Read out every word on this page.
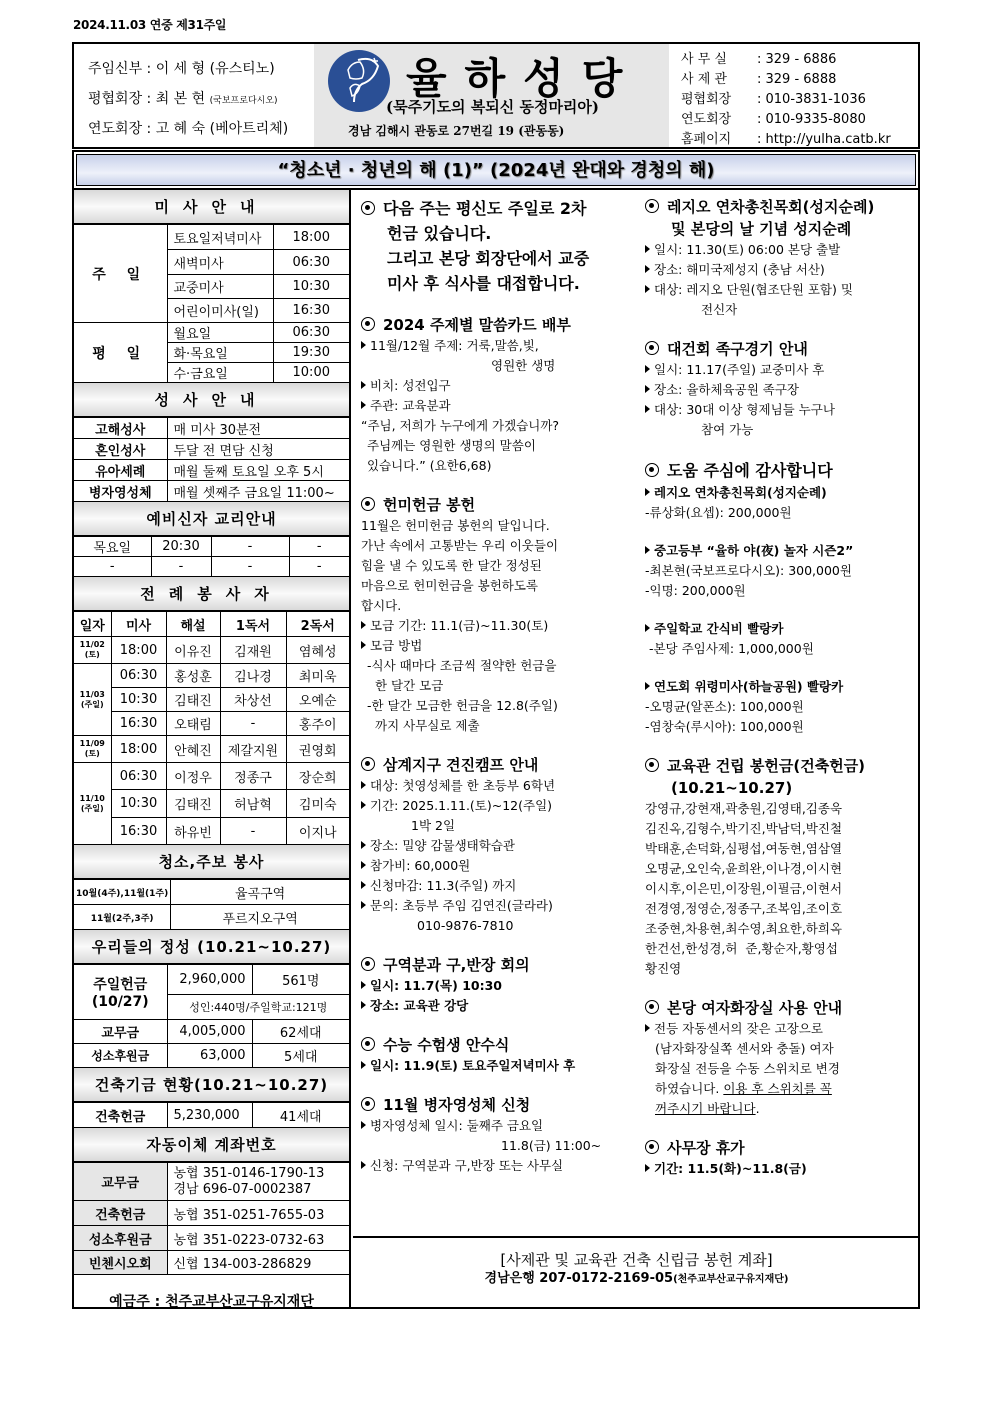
2024.11.03 연중 제31주일
주임신부 : 이 세 형 (유스티노)
평협회장 : 최 본 현 (국보프로다시오)
연도회장 : 고 혜 숙 (베아트리체)
율하성당
(묵주기도의 복되신 동정마리아)
경남 김해시 관동로 27번길 19 (관동동)
사 무 실 : 329 - 6886
사 제 관 : 329 - 6888
평협회장 : 010-3831-1036
연도회장 : 010-9335-8080
홈페이지 : http://yulha.catb.kr
“청소년 · 청년의 해 (1)” (2024년 완대와 경청의 해)
미사안내
주 일	토요일저녁미사	18:00
	새벽미사	06:30
	교중미사	10:30
	어린이미사(일)	16:30
평 일	월요일	06:30
	화·목요일	19:30
	수·금요일	10:00
성사안내
고해성사	매 미사 30분전
혼인성사	두달 전 면담 신청
유아세례	매월 둘째 토요일 오후 5시
병자영성체	매월 셋째주 금요일 11:00~
예비신자 교리안내
목요일	20:30	-	-
-	-	-	-
전례봉사자
일자	미사	해설	1독서	2독서
11/02
(토)	18:00	이유진	김재원	염혜성
11/03
(주일)	06:30	홍성훈	김나경	최미욱
	10:30	김태진	차상선	오예순
	16:30	오태림	-	홍주이
11/09
(토)	18:00	안혜진	제갈지원	권영회
11/10
(주일)	06:30	이정우	정종구	장순희
	10:30	김태진	허남혁	김미숙
	16:30	하유빈	-	이지나
청소,주보 봉사
10월(4주),11월(1주)	율곡구역
11월(2주,3주)	푸르지오구역
우리들의 정성 (10.21~10.27)
주일헌금
(10/27)	2,960,000	561명
	성인:440명/주일학교:121명	
교무금	4,005,000	62세대
성소후원금	63,000	5세대
건축기금 현황(10.21~10.27)
건축헌금	5,230,000	41세대
자동이체 계좌번호
교무금	농협 351-0146-1790-13
경남 696-07-0002387
건축헌금	농협 351-0251-7655-03
성소후원금	농협 351-0223-0732-63
빈첸시오회	신협 134-003-286829
예금주 : 천주교부산교구유지재단
다음 주는 평신도 주일로 2차
헌금 있습니다.
그리고 본당 회장단에서 교중
미사 후 식사를 대접합니다.
2024 주제별 말씀카드 배부
11월/12월 주제: 거룩,말씀,빛,
영원한 생명
비치: 성전입구
주관: 교육분과
“주님, 저희가 누구에게 가겠습니까?
주님께는 영원한 생명의 말씀이
있습니다.” (요한6,68)
헌미헌금 봉헌
11월은 헌미헌금 봉헌의 달입니다.
가난 속에서 고통받는 우리 이웃들이
힘을 낼 수 있도록 한 달간 정성된
마음으로 헌미헌금을 봉헌하도록
합시다.
모금 기간: 11.1(금)~11.30(토)
모금 방법
-식사 때마다 조금씩 절약한 헌금을
한 달간 모금
-한 달간 모금한 헌금을 12.8(주일)
까지 사무실로 제출
삼계지구 견진캠프 안내
대상: 첫영성체를 한 초등부 6학년
기간: 2025.1.11.(토)~12(주일)
1박 2일
장소: 밀양 감물생태학습관
참가비: 60,000원
신청마감: 11.3(주일) 까지
문의: 초등부 주임 김연진(글라라)
010-9876-7810
구역분과 구,반장 회의
일시: 11.7(목) 10:30
장소: 교육관 강당
수능 수험생 안수식
일시: 11.9(토) 토요주일저녁미사 후
11월 병자영성체 신청
병자영성체 일시: 둘째주 금요일
11.8(금) 11:00~
신청: 구역분과 구,반장 또는 사무실
레지오 연차총친목회(성지순례)
및 본당의 날 기념 성지순례
일시: 11.30(토) 06:00 본당 출발
장소: 해미국제성지 (충남 서산)
대상: 레지오 단원(협조단원 포함) 및
전신자
대건회 족구경기 안내
일시: 11.17(주일) 교중미사 후
장소: 율하체육공원 족구장
대상: 30대 이상 형제님들 누구나
참여 가능
도움 주심에 감사합니다
레지오 연차총친목회(성지순례)
-류상화(요셉): 200,000원
중고등부 “율하 야(夜) 놀자 시즌2”
-최본현(국보프로다시오): 300,000원
-익명: 200,000원
주일학교 간식비 빨랑카
-본당 주임사제: 1,000,000원
연도회 위령미사(하늘공원) 빨랑카
-오명균(알폰소): 100,000원
-염창숙(루시아): 100,000원
교육관 건립 봉헌금(건축헌금)
(10.21~10.27)
강영규,강현재,곽충원,김영태,김종욱
김진옥,김형수,박기진,박남덕,박진철
박태훈,손덕화,심평섭,여동현,염삼열
오명균,오인숙,윤희완,이나경,이시현
이시후,이은민,이장원,이필금,이현서
전경영,정영순,정종구,조복임,조이호
조중현,차용현,최수영,최요한,하희옥
한건선,한성경,허  준,황순자,황영섭
황진영
본당 여자화장실 사용 안내
전등 자동센서의 잦은 고장으로
(남자화장실쪽 센서와 충돌) 여자
화장실 전등을 수동 스위치로 변경
하였습니다. 이용 후 스위치를 꼭
꺼주시기 바랍니다.
사무장 휴가
기간: 11.5(화)~11.8(금)
[사제관 및 교육관 건축 신립금 봉헌 계좌]
경남은행 207-0172-2169-05(천주교부산교구유지재단)
